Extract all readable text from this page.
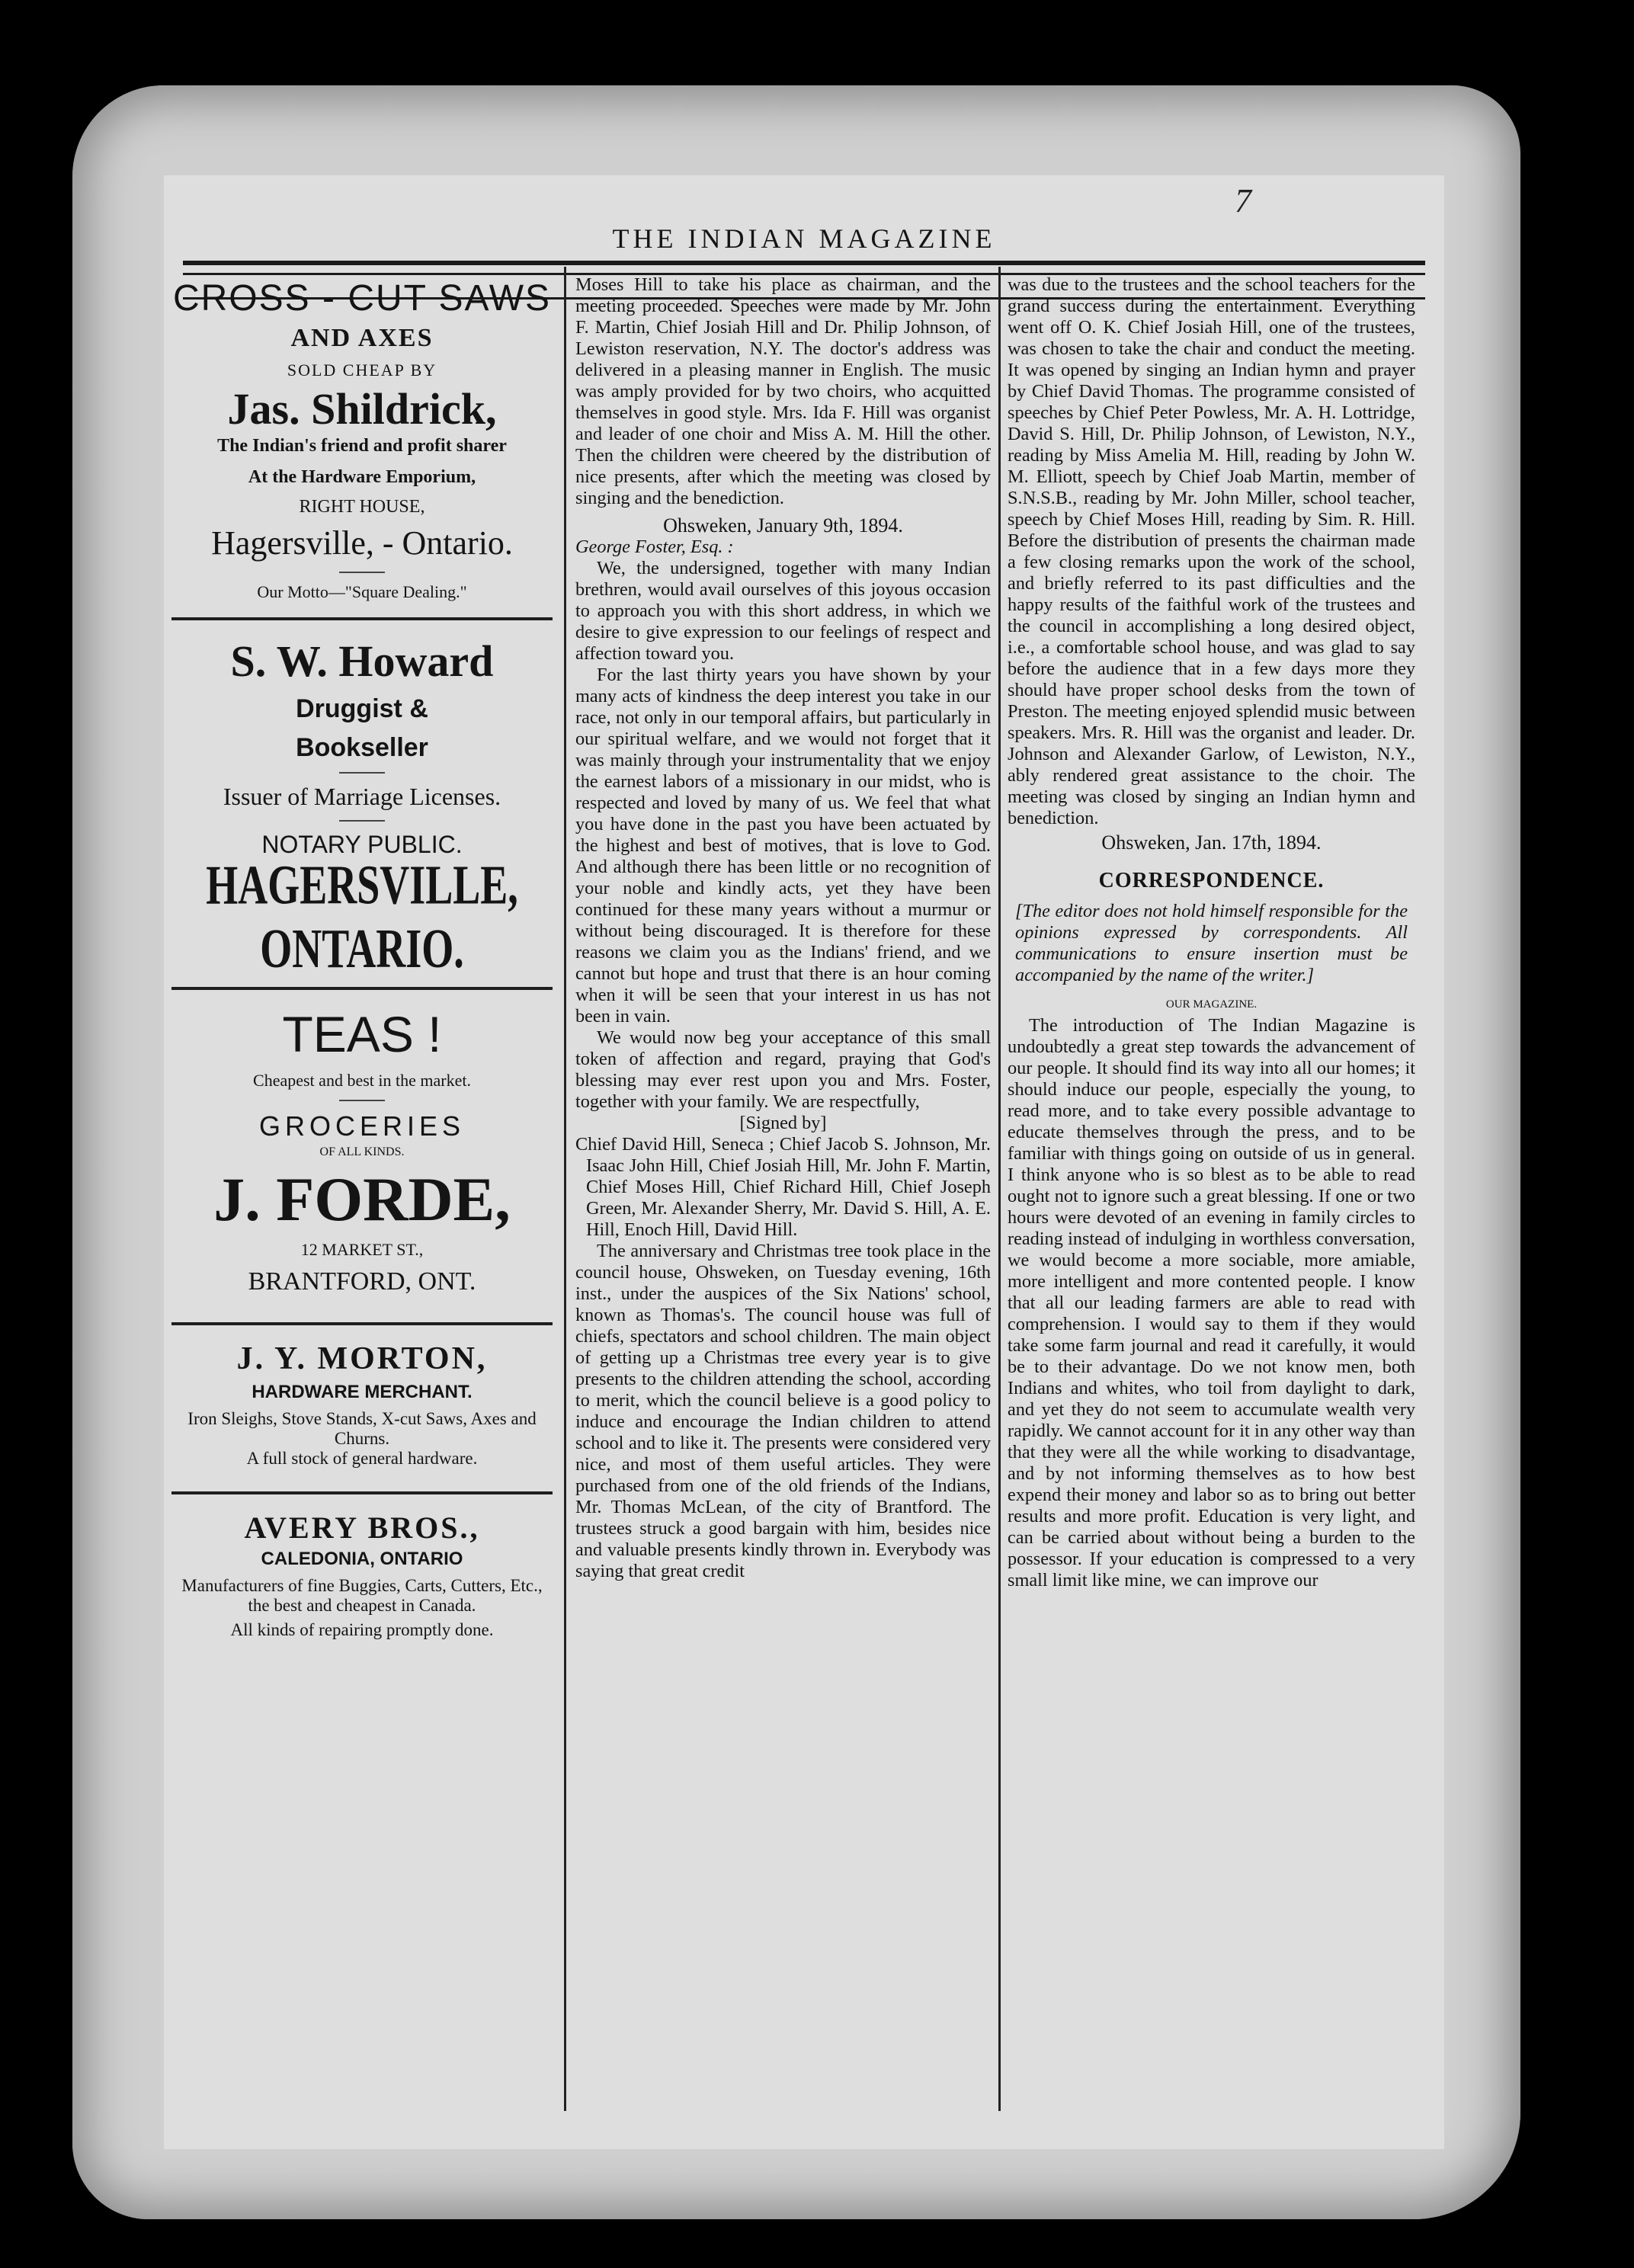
7
THE INDIAN MAGAZINE
CROSS - CUT SAWS
AND AXES
SOLD CHEAP BY
Jas. Shildrick,
The Indian's friend and profit sharer
At the Hardware Emporium,
RIGHT HOUSE,
Hagersville, - Ontario.
Our Motto—"Square Dealing."
S. W. Howard
Druggist &
Bookseller
Issuer of Marriage Licenses.
NOTARY PUBLIC.
HAGERSVILLE, ONTARIO.
TEAS !
Cheapest and best in the market.
GROCERIES
OF ALL KINDS.
J. FORDE,
12 MARKET ST.,
BRANTFORD, ONT.
J. Y. MORTON,
HARDWARE MERCHANT.
Iron Sleighs, Stove Stands, X-cut Saws, Axes and Churns.
A full stock of general hardware.
AVERY BROS.,
CALEDONIA, ONTARIO
Manufacturers of fine Buggies, Carts, Cutters, Etc., the best and cheapest in Canada.
All kinds of repairing promptly done.

Moses Hill to take his place as chairman, and the meeting proceeded. Speeches were made by Mr. John F. Martin, Chief Josiah Hill and Dr. Philip Johnson, of Lewiston reservation, N.Y. The doctor's address was delivered in a pleasing manner in English. The music was amply provided for by two choirs, who acquitted themselves in good style. Mrs. Ida F. Hill was organist and leader of one choir and Miss A. M. Hill the other. Then the children were cheered by the distribution of nice presents, after which the meeting was closed by singing and the benediction.

Ohsweken, January 9th, 1894.

George Foster, Esq. :

We, the undersigned, together with many Indian brethren, would avail ourselves of this joyous occasion to approach you with this short address, in which we desire to give expression to our feelings of respect and affection toward you.

For the last thirty years you have shown by your many acts of kindness the deep interest you take in our race, not only in our temporal affairs, but particularly in our spiritual welfare, and we would not forget that it was mainly through your instrumentality that we enjoy the earnest labors of a missionary in our midst, who is respected and loved by many of us. We feel that what you have done in the past you have been actuated by the highest and best of motives, that is love to God. And although there has been little or no recognition of your noble and kindly acts, yet they have been continued for these many years without a murmur or without being discouraged. It is therefore for these reasons we claim you as the Indians' friend, and we cannot but hope and trust that there is an hour coming when it will be seen that your interest in us has not been in vain.

We would now beg your acceptance of this small token of affection and regard, praying that God's blessing may ever rest upon you and Mrs. Foster, together with your family. We are respectfully,

[Signed by]

Chief David Hill, Seneca ; Chief Jacob S. Johnson, Mr. Isaac John Hill, Chief Josiah Hill, Mr. John F. Martin, Chief Moses Hill, Chief Richard Hill, Chief Joseph Green, Mr. Alexander Sherry, Mr. David S. Hill, A. E. Hill, Enoch Hill, David Hill.

The anniversary and Christmas tree took place in the council house, Ohsweken, on Tuesday evening, 16th inst., under the auspices of the Six Nations' school, known as Thomas's. The council house was full of chiefs, spectators and school children. The main object of getting up a Christmas tree every year is to give presents to the children attending the school, according to merit, which the council believe is a good policy to induce and encourage the Indian children to attend school and to like it. The presents were considered very nice, and most of them useful articles. They were purchased from one of the old friends of the Indians, Mr. Thomas McLean, of the city of Brantford. The trustees struck a good bargain with him, besides nice and valuable presents kindly thrown in. Everybody was saying that great credit

was due to the trustees and the school teachers for the grand success during the entertainment. Everything went off O. K. Chief Josiah Hill, one of the trustees, was chosen to take the chair and conduct the meeting. It was opened by singing an Indian hymn and prayer by Chief David Thomas. The programme consisted of speeches by Chief Peter Powless, Mr. A. H. Lottridge, David S. Hill, Dr. Philip Johnson, of Lewiston, N.Y., reading by Miss Amelia M. Hill, reading by John W. M. Elliott, speech by Chief Joab Martin, member of S.N.S.B., reading by Mr. John Miller, school teacher, speech by Chief Moses Hill, reading by Sim. R. Hill. Before the distribution of presents the chairman made a few closing remarks upon the work of the school, and briefly referred to its past difficulties and the happy results of the faithful work of the trustees and the council in accomplishing a long desired object, i.e., a comfortable school house, and was glad to say before the audience that in a few days more they should have proper school desks from the town of Preston. The meeting enjoyed splendid music between speakers. Mrs. R. Hill was the organist and leader. Dr. Johnson and Alexander Garlow, of Lewiston, N.Y., ably rendered great assistance to the choir. The meeting was closed by singing an Indian hymn and benediction.

Ohsweken, Jan. 17th, 1894.

CORRESPONDENCE.

[The editor does not hold himself responsible for the opinions expressed by correspondents. All communications to ensure insertion must be accompanied by the name of the writer.]

OUR MAGAZINE.

The introduction of The Indian Magazine is undoubtedly a great step towards the advancement of our people. It should find its way into all our homes; it should induce our people, especially the young, to read more, and to take every possible advantage to educate themselves through the press, and to be familiar with things going on outside of us in general. I think anyone who is so blest as to be able to read ought not to ignore such a great blessing. If one or two hours were devoted of an evening in family circles to reading instead of indulging in worthless conversation, we would become a more sociable, more amiable, more intelligent and more contented people. I know that all our leading farmers are able to read with comprehension. I would say to them if they would take some farm journal and read it carefully, it would be to their advantage. Do we not know men, both Indians and whites, who toil from daylight to dark, and yet they do not seem to accumulate wealth very rapidly. We cannot account for it in any other way than that they were all the while working to disadvantage, and by not informing themselves as to how best expend their money and labor so as to bring out better results and more profit. Education is very light, and can be carried about without being a burden to the possessor. If your education is compressed to a very small limit like mine, we can improve our
